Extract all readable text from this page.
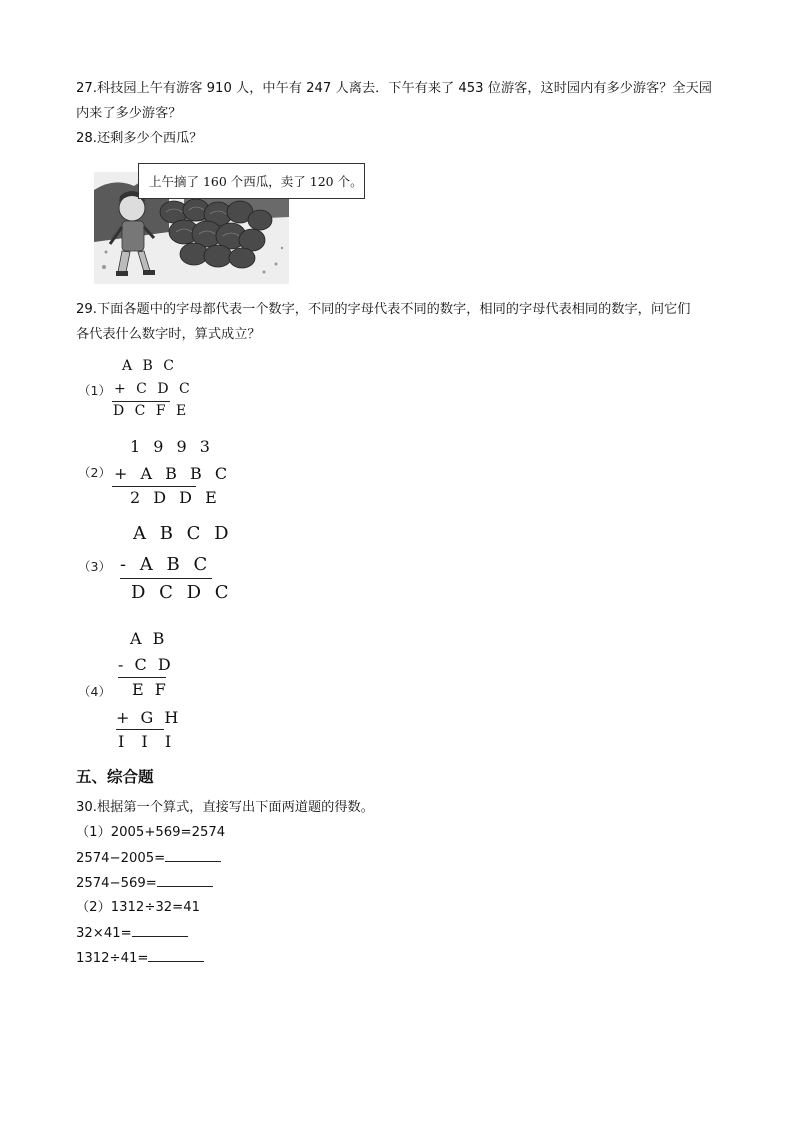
27.科技园上午有游客 910 人，中午有 247 人离去．下午有来了 453 位游客，这时园内有多少游客？全天园
内来了多少游客？
28.还剩多少个西瓜？
上午摘了 160 个西瓜，卖了 120 个。
29.下面各题中的字母都代表一个数字，不同的字母代表不同的数字，相同的字母代表相同的数字，问它们
各代表什么数字时，算式成立？
（1）
A B C
+ C D C
D C F E
（2）
1 9 9 3
+ A B B C
2 D D E
（3）
A B C D
- A B C
D C D C
（4）
A B
- C D
E F
+ G H
I I I
五、综合题
30.根据第一个算式，直接写出下面两道题的得数。
（1）2005+569=2574
2574−2005=
2574−569=
（2）1312÷32=41
32×41=
1312÷41=
